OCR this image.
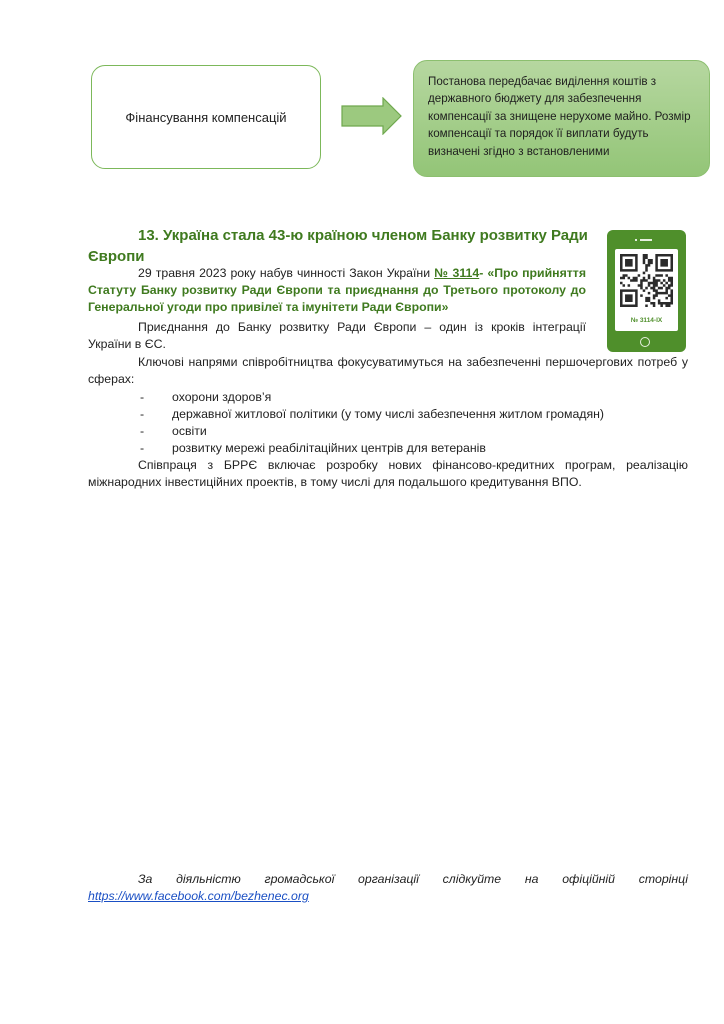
Фінансування компенсацій
Постанова передбачає виділення коштів з державного бюджету для забезпечення компенсації за знищене нерухоме майно. Розмір компенсації та порядок її виплати будуть визначені згідно з встановленими
№ 3114-IX
13. Україна стала 43-ю країною членом Банку розвитку Ради Європи
29 травня 2023 року набув чинності Закон України № 3114- «Про прийняття Статуту Банку розвитку Ради Європи та приєднання до Третього протоколу до Генеральної угоди про привілеї та імунітети Ради Європи»
Приєднання до Банку розвитку Ради Європи – один із кроків інтеграції України в ЄС.
Ключові напрями співробітництва фокусуватимуться на забезпеченні першочергових потреб у сферах:
- охорони здоров’я
- державної житлової політики (у тому числі забезпечення житлом громадян)
- освіти
- розвитку мережі реабілітаційних центрів для ветеранів
Співпраця з БРРЄ включає розробку нових фінансово-кредитних програм, реалізацію міжнародних інвестиційних проектів, в тому числі для подальшого кредитування ВПО.
За діяльністю громадської організації слідкуйте на офіційній сторінці
https://www.facebook.com/bezhenec.org
